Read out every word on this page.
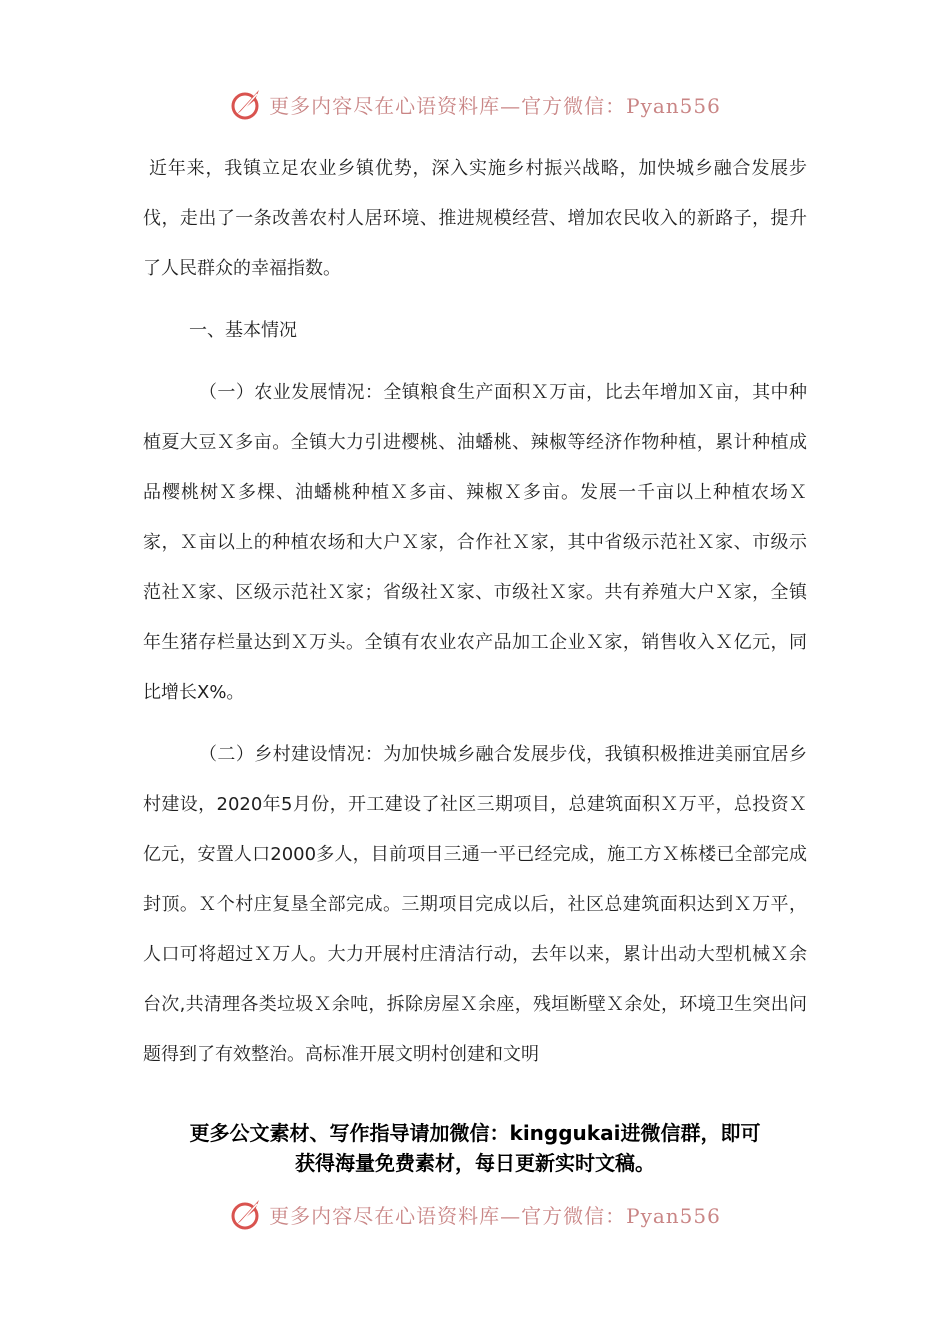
更多内容尽在心语资料库—官方微信：Pyan556

近年来，我镇立足农业乡镇优势，深入实施乡村振兴战略，加快城乡融合发展步伐，走出了一条改善农村人居环境、推进规模经营、增加农民收入的新路子，提升了人民群众的幸福指数。

一、基本情况

（一）农业发展情况：全镇粮食生产面积Ｘ万亩，比去年增加Ｘ亩，其中种植夏大豆Ｘ多亩。全镇大力引进樱桃、油蟠桃、辣椒等经济作物种植，累计种植成品樱桃树Ｘ多棵、油蟠桃种植Ｘ多亩、辣椒Ｘ多亩。发展一千亩以上种植农场Ｘ家，Ｘ亩以上的种植农场和大户Ｘ家，合作社Ｘ家，其中省级示范社Ｘ家、市级示范社Ｘ家、区级示范社Ｘ家；省级社Ｘ家、市级社Ｘ家。共有养殖大户Ｘ家，全镇年生猪存栏量达到Ｘ万头。全镇有农业农产品加工企业Ｘ家，销售收入Ｘ亿元，同比增长X%。

（二）乡村建设情况：为加快城乡融合发展步伐，我镇积极推进美丽宜居乡村建设，2020年5月份，开工建设了社区三期项目，总建筑面积Ｘ万平，总投资Ｘ亿元，安置人口2000多人，目前项目三通一平已经完成，施工方Ｘ栋楼已全部完成封顶。Ｘ个村庄复垦全部完成。三期项目完成以后，社区总建筑面积达到Ｘ万平，人口可将超过Ｘ万人。大力开展村庄清洁行动，去年以来，累计出动大型机械Ｘ余台次,共清理各类垃圾Ｘ余吨，拆除房屋Ｘ余座，残垣断壁Ｘ余处，环境卫生突出问题得到了有效整治。高标准开展文明村创建和文明

更多公文素材、写作指导请加微信：kinggukai进微信群，即可
获得海量免费素材，每日更新实时文稿。
更多内容尽在心语资料库—官方微信：Pyan556
